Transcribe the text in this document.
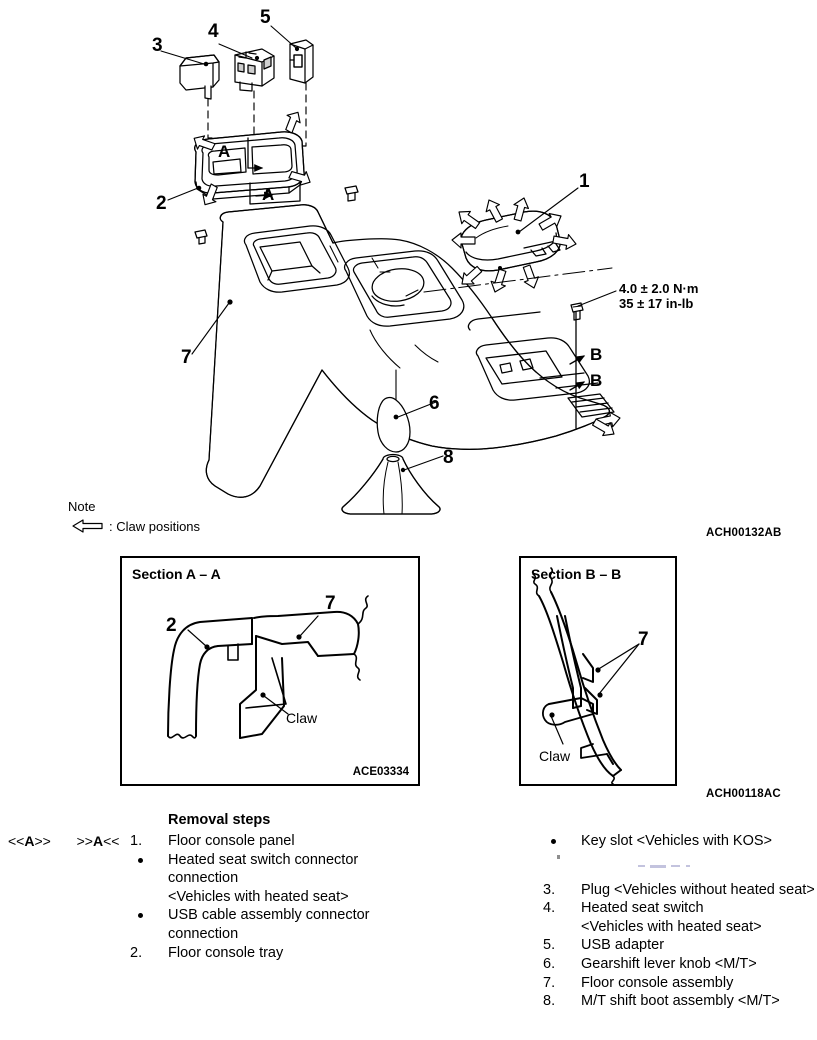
3
4
5
2
1
7
6
8
A
A
B
B
4.0 ± 2.0 N·m
35 ± 17 in-lb
Note
: Claw positions	ACH00132AB
Section A – A
2
7
Claw
ACE03334
Section B – B
7
Claw
ACH00118AC
Removal steps
<<A>> >>A<< 1.	Floor console panel
Heated seat switch connector connection
<Vehicles with heated seat>
USB cable assembly connector connection
2.	Floor console tray
Key slot <Vehicles with KOS>
3.	Plug <Vehicles without heated seat>
4.	Heated seat switch
<Vehicles with heated seat>
5.	USB adapter
6.	Gearshift lever knob <M/T>
7.	Floor console assembly
8.	M/T shift boot assembly <M/T>
